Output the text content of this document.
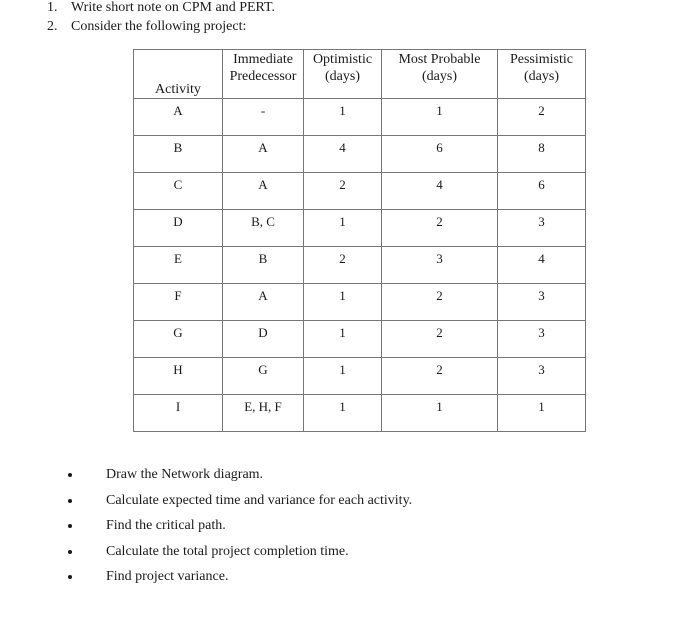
1. Write short note on CPM and PERT.
2. Consider the following project:
Activity	Immediate Predecessor	Optimistic (days)	Most Probable (days)	Pessimistic (days)
A	-	1	1	2
B	A	4	6	8
C	A	2	4	6
D	B, C	1	2	3
E	B	2	3	4
F	A	1	2	3
G	D	1	2	3
H	G	1	2	3
I	E, H, F	1	1	1
Draw the Network diagram.
Calculate expected time and variance for each activity.
Find the critical path.
Calculate the total project completion time.
Find project variance.
